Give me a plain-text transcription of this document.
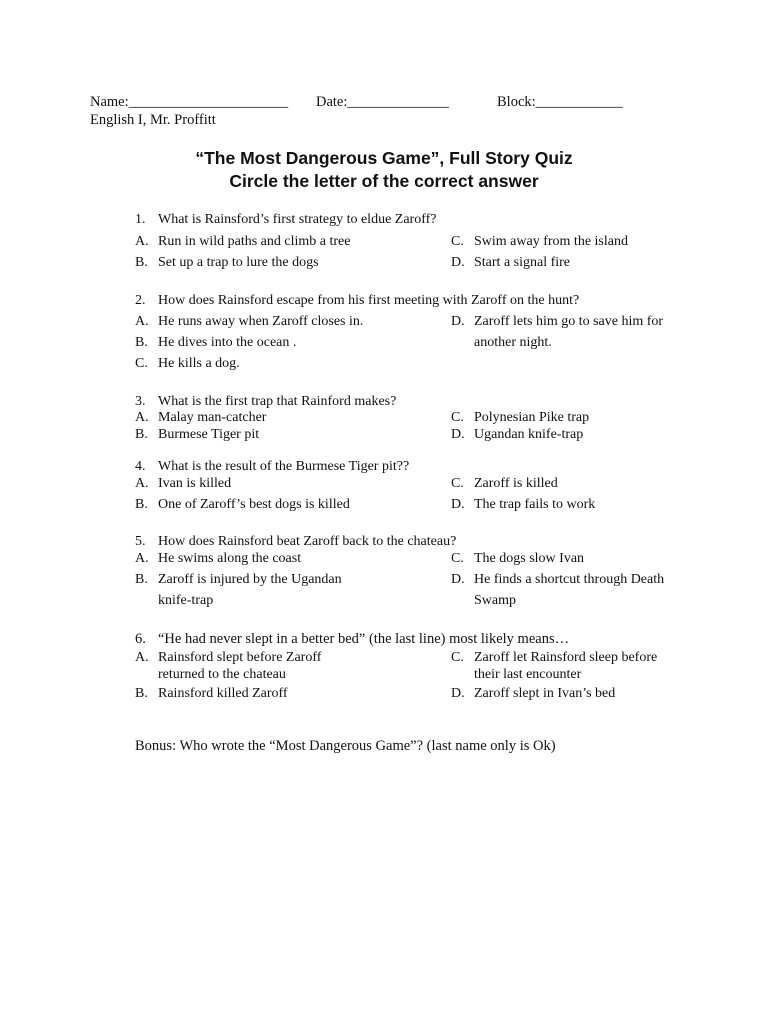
Name:______________________

Date:______________

	Block:____________

English I, Mr. Proffitt
“The Most Dangerous Game”, Full Story Quiz
Circle the letter of the correct answer
1. What is Rainsford’s first strategy to eldue Zaroff?
A. Run in wild paths and climb a tree	C. Swim away from the island
B. Set up a trap to lure the dogs	D. Start a signal fire
2. How does Rainsford escape from his first meeting with Zaroff on the hunt?
A. He runs away when Zaroff closes in.	D. Zaroff lets him go to save him for
B. He dives into the ocean .	another night.
C. He kills a dog.
3. What is the first trap that Rainford makes?
A. Malay man-catcher	C. Polynesian Pike trap
B. Burmese Tiger pit	D. Ugandan knife-trap
4. What is the result of the Burmese Tiger pit??
A. Ivan is killed	C. Zaroff is killed
B. One of Zaroff’s best dogs is killed	D. The trap fails to work
5. How does Rainsford beat Zaroff back to the chateau?
A. He swims along the coast	C. The dogs slow Ivan
B. Zaroff is injured by the Ugandan	D. He finds a shortcut through Death
knife-trap	Swamp
6. “He had never slept in a better bed” (the last line) most likely means…
A. Rainsford slept before Zaroff	C. Zaroff let Rainsford sleep before
returned to the chateau	their last encounter
B. Rainsford killed Zaroff	D. Zaroff slept in Ivan’s bed
Bonus: Who wrote the “Most Dangerous Game”? (last name only is Ok)
